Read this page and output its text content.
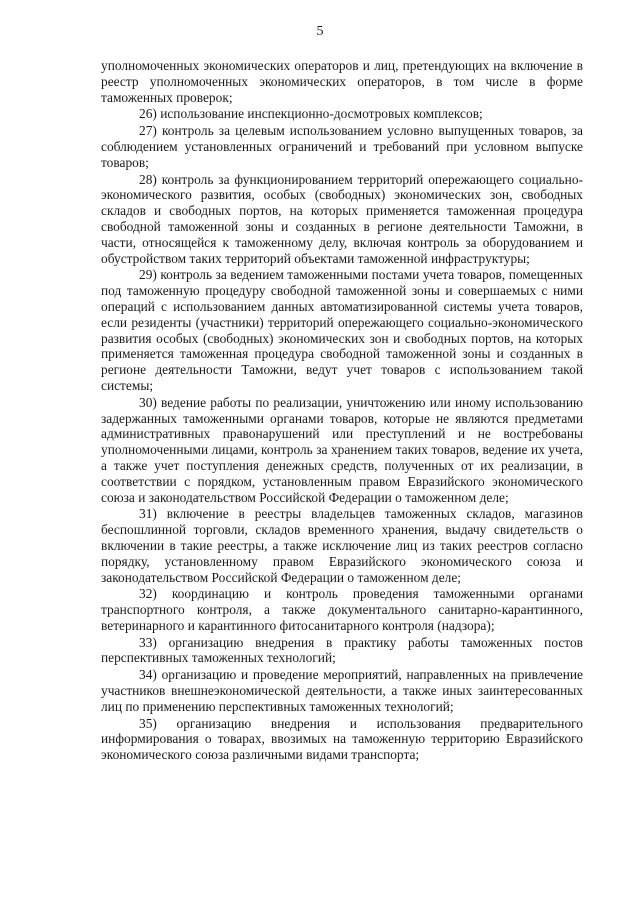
5

уполномоченных экономических операторов и лиц, претендующих на включение в реестр уполномоченных экономических операторов, в том числе в форме таможенных проверок;

26) использование инспекционно-досмотровых комплексов;

27) контроль за целевым использованием условно выпущенных товаров, за соблюдением установленных ограничений и требований при условном выпуске товаров;

28) контроль за функционированием территорий опережающего социально-экономического развития, особых (свободных) экономических зон, свободных складов и свободных портов, на которых применяется таможенная процедура свободной таможенной зоны и созданных в регионе деятельности Таможни, в части, относящейся к таможенному делу, включая контроль за оборудованием и обустройством таких территорий объектами таможенной инфраструктуры;

29) контроль за ведением таможенными постами учета товаров, помещенных под таможенную процедуру свободной таможенной зоны и совершаемых с ними операций с использованием данных автоматизированной системы учета товаров, если резиденты (участники) территорий опережающего социально-экономического развития особых (свободных) экономических зон и свободных портов, на которых применяется таможенная процедура свободной таможенной зоны и созданных в регионе деятельности Таможни, ведут учет товаров с использованием такой системы;

30) ведение работы по реализации, уничтожению или иному использованию задержанных таможенными органами товаров, которые не являются предметами административных правонарушений или преступлений и не востребованы уполномоченными лицами, контроль за хранением таких товаров, ведение их учета, а также учет поступления денежных средств, полученных от их реализации, в соответствии с порядком, установленным правом Евразийского экономического союза и законодательством Российской Федерации о таможенном деле;

31) включение в реестры владельцев таможенных складов, магазинов беспошлинной торговли, складов временного хранения, выдачу свидетельств о включении в такие реестры, а также исключение лиц из таких реестров согласно порядку, установленному правом Евразийского экономического союза и законодательством Российской Федерации о таможенном деле;

32) координацию и контроль проведения таможенными органами транспортного контроля, а также документального санитарно-карантинного, ветеринарного и карантинного фитосанитарного контроля (надзора);

33) организацию внедрения в практику работы таможенных постов перспективных таможенных технологий;

34) организацию и проведение мероприятий, направленных на привлечение участников внешнеэкономической деятельности, а также иных заинтересованных лиц по применению перспективных таможенных технологий;

35) организацию внедрения и использования предварительного информирования о товарах, ввозимых на таможенную территорию Евразийского экономического союза различными видами транспорта;
